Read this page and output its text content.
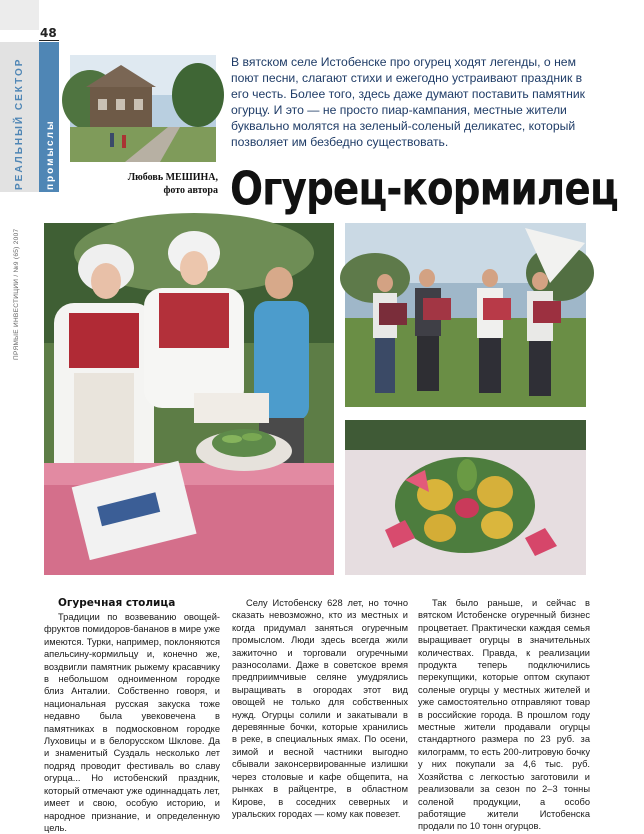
48
РЕАЛЬНЫЙ СЕКТОР промыслы
ПРЯМЫЕ ИНВЕСТИЦИИ / №9 (65) 2007
В вятском селе Истобенске про огурец ходят легенды, о нем поют песни, слагают стихи и ежегодно устраивают праздник в его честь. Более того, здесь даже думают поставить памятник огурцу. И это — не просто пиар-кампания, местные жители буквально молятся на зеленый-соленый деликатес, который позволяет им безбедно существовать.
Любовь МЕШИНА,
фото автора Огурец-кормилец
Огуречная столица

Традиции по возвеванию овощей-фруктов помидоров-бананов в мире уже имеются. Турки, например, поклоняются апельсину-кормильцу и, конечно же, воздвигли памятник рыжему красавчику в небольшом одноименном городке близ Анталии. Собственно говоря, и национальная русская закуска тоже недавно была увековечена в памятниках в подмосковном городке Луховицы и в белорусском Шклове. Да и знаменитый Суздаль несколько лет подряд проводит фестиваль во славу огурца... Но истобенский праздник, который отмечают уже одиннадцать лет, имеет и свою, особую историю, и народное признание, и определенную цель.

Селу Истобенску 628 лет, но точно сказать невозможно, кто из местных и когда придумал заняться огуречным промыслом. Люди здесь всегда жили зажиточно и торговали огуречными разносолами. Даже в советское время предприимчивые селяне умудрялись выращивать в огородах этот вид овощей не только для собственных нужд. Огурцы солили и закатывали в деревянные бочки, которые хранились в реке, в специальных ямах. По осени, зимой и весной частники выгодно сбывали законсервированные излишки через столовые и кафе общепита, на рынках в райцентре, в областном Кирове, в соседних северных и уральских городах — кому как повезет.

Так было раньше, и сейчас в вятском Истобенске огуречный бизнес процветает. Практически каждая семья выращивает огурцы в значительных количествах. Правда, к реализации продукта теперь подключились перекупщики, которые оптом скупают соленые огурцы у местных жителей и уже самостоятельно отправляют товар в российские города. В прошлом году местные жители продавали огурцы стандартного размера по 23 руб. за килограмм, то есть 200-литровую бочку у них покупали за 4,6 тыс. руб. Хозяйства с легкостью заготовили и реализовали за сезон по 2–3 тонны соленой продукции, а особо работящие жители Истобенска продали по 10 тонн огурцов.
